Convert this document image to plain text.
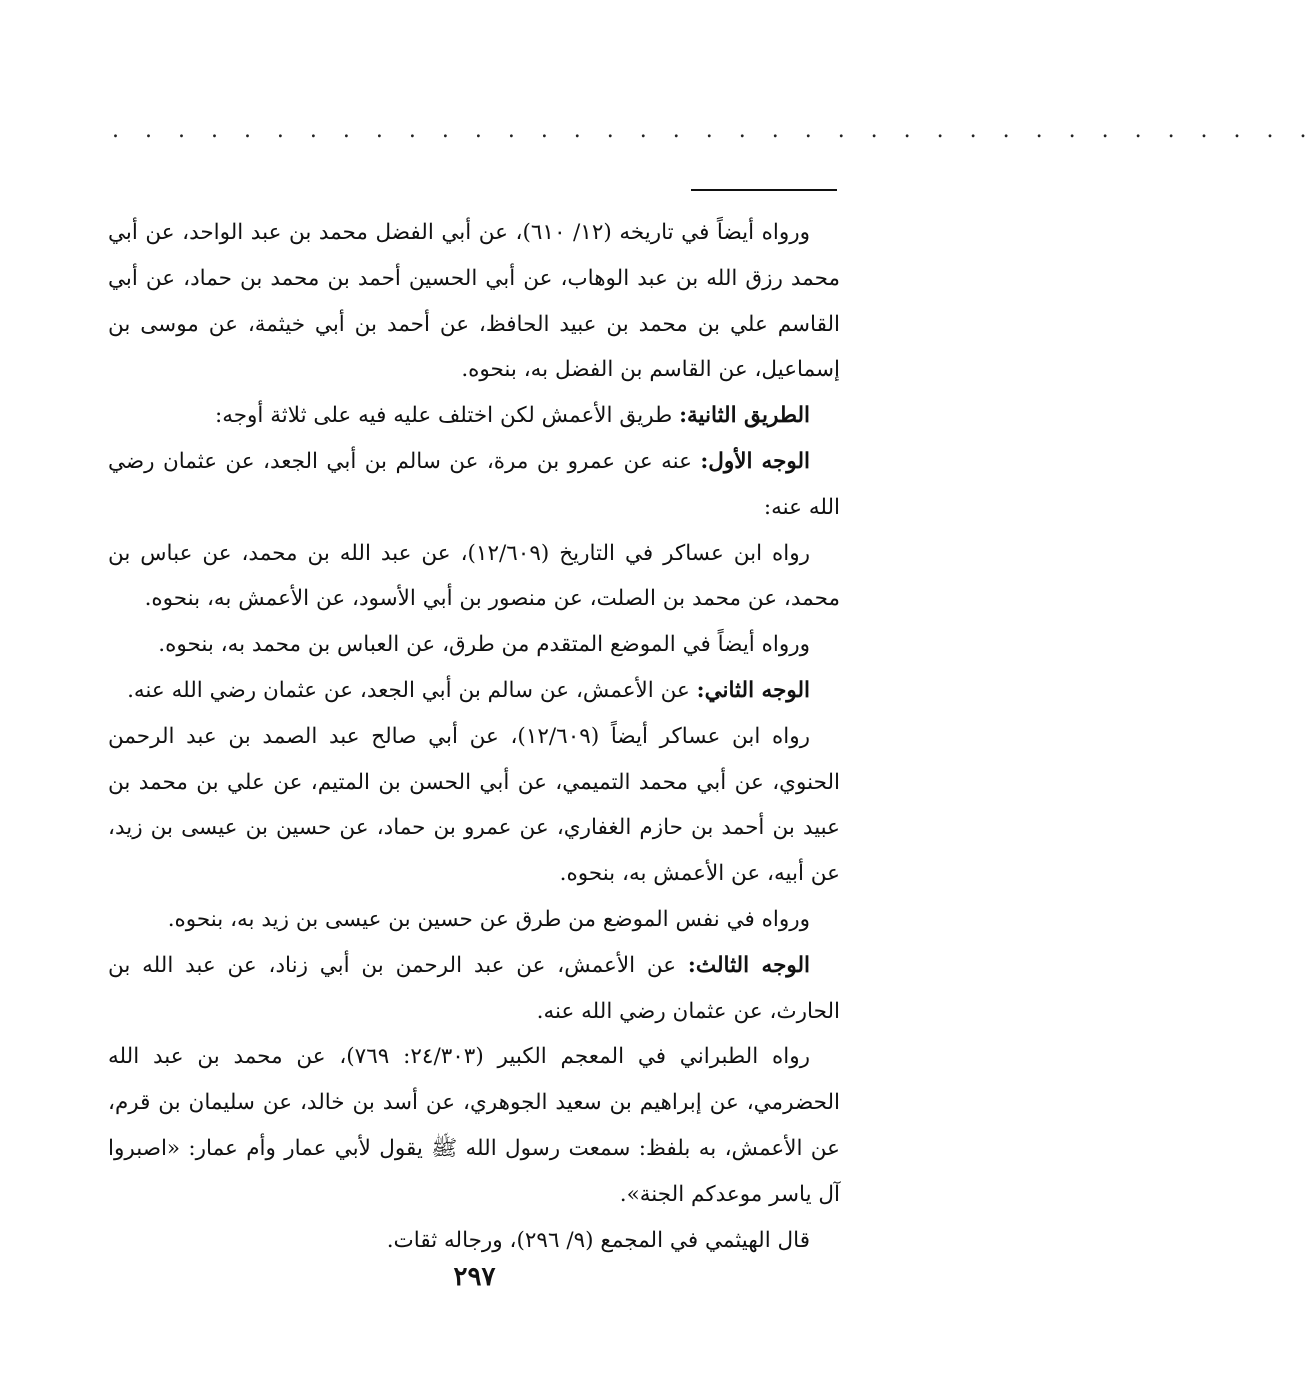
. . . . . . . . . . . . . . . . . . . . . . . . . . . . . . . . . . . . .

ورواه أيضاً في تاريخه (١٢/ ٦١٠)، عن أبي الفضل محمد بن عبد الواحد، عن أبي محمد رزق الله بن عبد الوهاب، عن أبي الحسين أحمد بن محمد بن حماد، عن أبي القاسم علي بن محمد بن عبيد الحافظ، عن أحمد بن أبي خيثمة، عن موسى بن إسماعيل، عن القاسم بن الفضل به، بنحوه.

الطريق الثانية: طريق الأعمش لكن اختلف عليه فيه على ثلاثة أوجه:

الوجه الأول: عنه عن عمرو بن مرة، عن سالم بن أبي الجعد، عن عثمان رضي الله عنه:

رواه ابن عساكر في التاريخ (١٢/٦٠٩)، عن عبد الله بن محمد، عن عباس بن محمد، عن محمد بن الصلت، عن منصور بن أبي الأسود، عن الأعمش به، بنحوه.

ورواه أيضاً في الموضع المتقدم من طرق، عن العباس بن محمد به، بنحوه.

الوجه الثاني: عن الأعمش، عن سالم بن أبي الجعد، عن عثمان رضي الله عنه.

رواه ابن عساكر أيضاً (١٢/٦٠٩)، عن أبي صالح عبد الصمد بن عبد الرحمن الحنوي، عن أبي محمد التميمي، عن أبي الحسن بن المتيم، عن علي بن محمد بن عبيد بن أحمد بن حازم الغفاري، عن عمرو بن حماد، عن حسين بن عيسى بن زيد، عن أبيه، عن الأعمش به، بنحوه.

ورواه في نفس الموضع من طرق عن حسين بن عيسى بن زيد به، بنحوه.

الوجه الثالث: عن الأعمش، عن عبد الرحمن بن أبي زناد، عن عبد الله بن الحارث، عن عثمان رضي الله عنه.

رواه الطبراني في المعجم الكبير (٢٤/٣٠٣: ٧٦٩)، عن محمد بن عبد الله الحضرمي، عن إبراهيم بن سعيد الجوهري، عن أسد بن خالد، عن سليمان بن قرم، عن الأعمش، به بلفظ: سمعت رسول الله ﷺ يقول لأبي عمار وأم عمار: «اصبروا آل ياسر موعدكم الجنة».

قال الهيثمي في المجمع (٩/ ٢٩٦)، ورجاله ثقات.

٢٩٧
